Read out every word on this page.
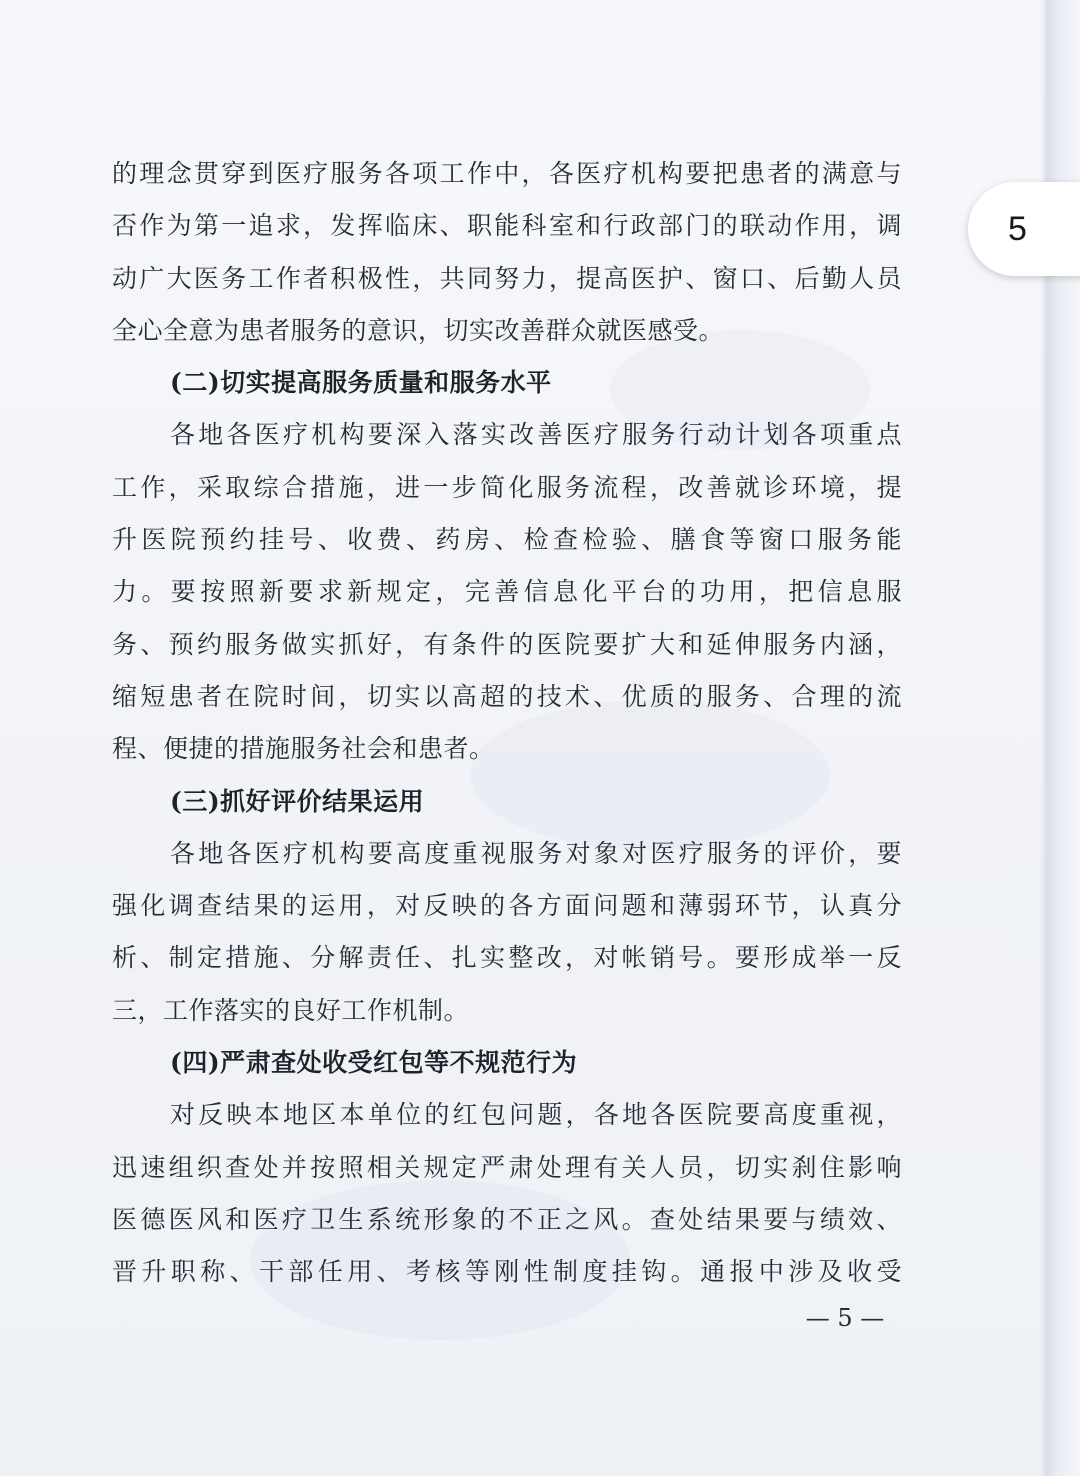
的理念贯穿到医疗服务各项工作中，各医疗机构要把患者的满意与
否作为第一追求，发挥临床、职能科室和行政部门的联动作用，调
动广大医务工作者积极性，共同努力，提高医护、窗口、后勤人员
全心全意为患者服务的意识，切实改善群众就医感受。
(二)切实提高服务质量和服务水平
各地各医疗机构要深入落实改善医疗服务行动计划各项重点
工作，采取综合措施，进一步简化服务流程，改善就诊环境，提
升医院预约挂号、收费、药房、检查检验、膳食等窗口服务能
力。要按照新要求新规定，完善信息化平台的功用，把信息服
务、预约服务做实抓好，有条件的医院要扩大和延伸服务内涵，
缩短患者在院时间，切实以高超的技术、优质的服务、合理的流
程、便捷的措施服务社会和患者。
(三)抓好评价结果运用
各地各医疗机构要高度重视服务对象对医疗服务的评价，要
强化调查结果的运用，对反映的各方面问题和薄弱环节，认真分
析、制定措施、分解责任、扎实整改，对帐销号。要形成举一反
三，工作落实的良好工作机制。
(四)严肃查处收受红包等不规范行为
对反映本地区本单位的红包问题，各地各医院要高度重视，
迅速组织查处并按照相关规定严肃处理有关人员，切实刹住影响
医德医风和医疗卫生系统形象的不正之风。查处结果要与绩效、
晋升职称、干部任用、考核等刚性制度挂钩。通报中涉及收受
— 5 —
5
